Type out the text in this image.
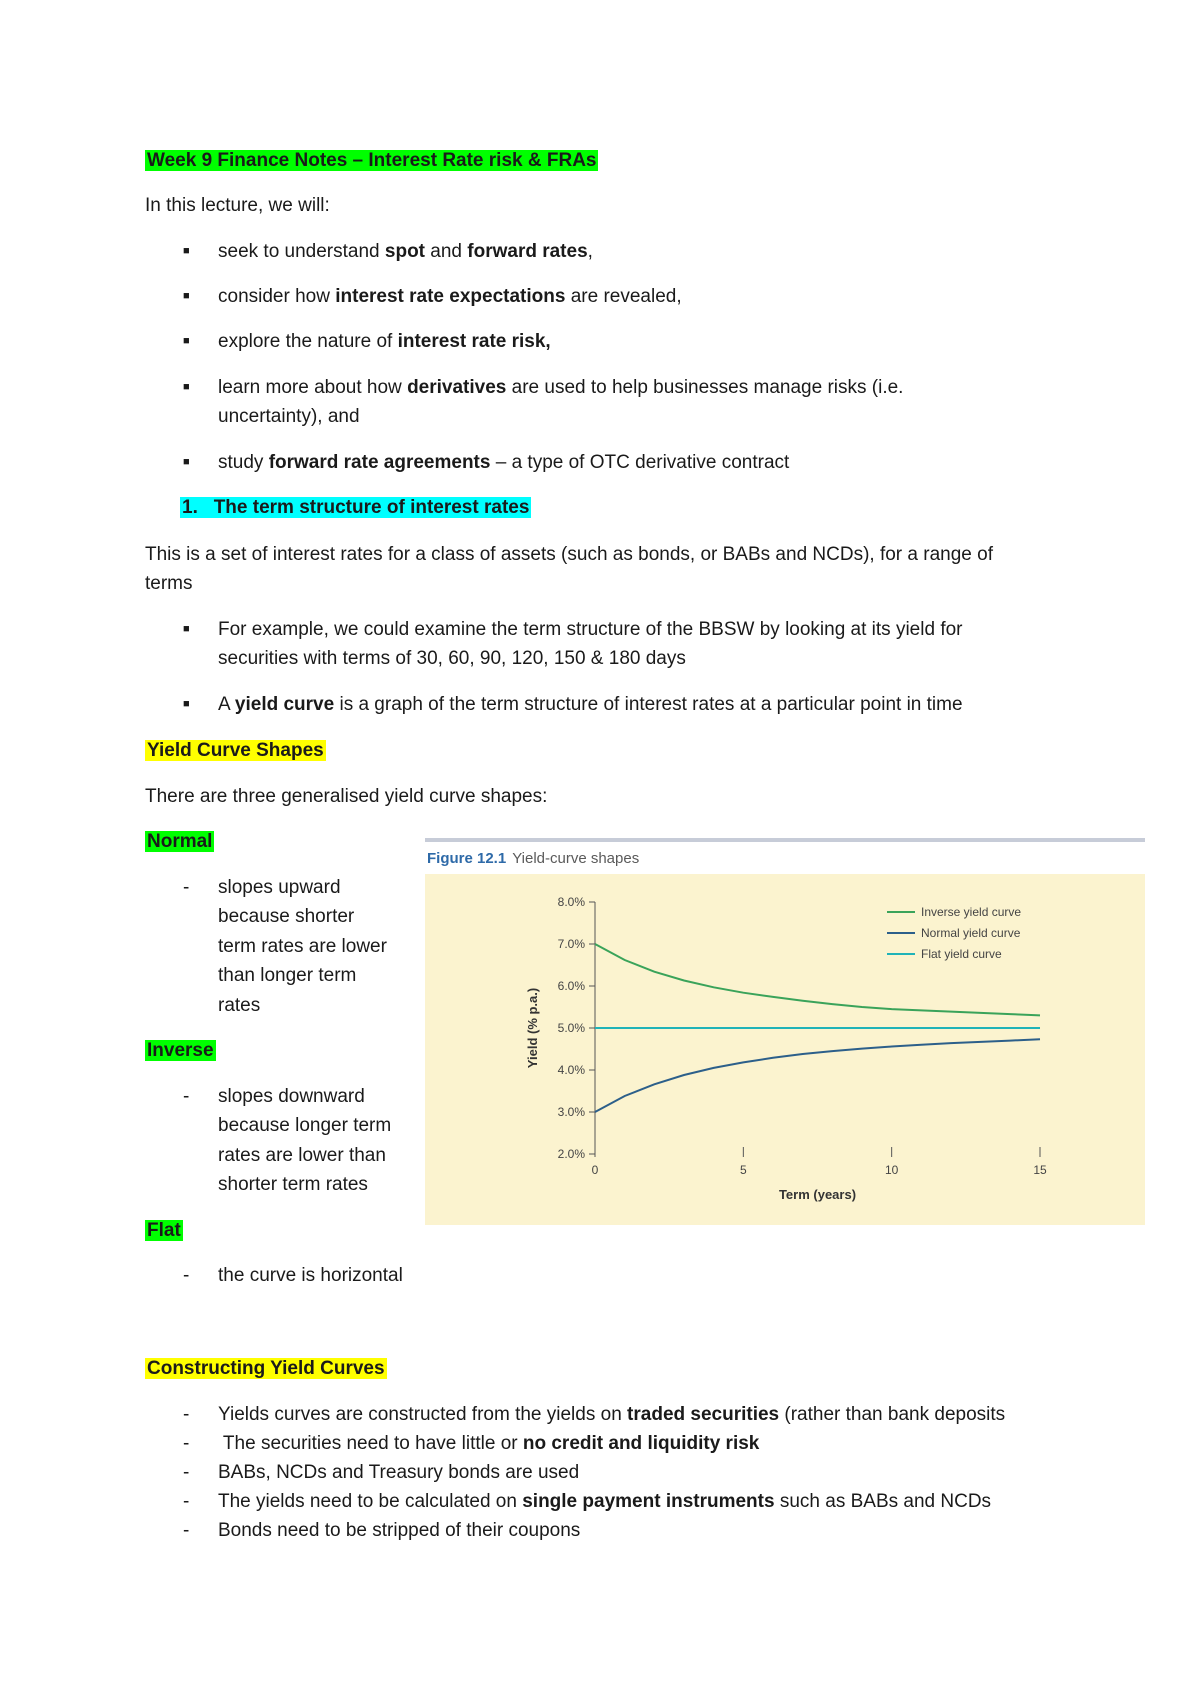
Week 9 Finance Notes – Interest Rate risk & FRAs
In this lecture, we will:
■ seek to understand spot and forward rates,
■ consider how interest rate expectations are revealed,
■ explore the nature of interest rate risk,
■ learn more about how derivatives are used to help businesses manage risks (i.e.
uncertainty), and
■ study forward rate agreements – a type of OTC derivative contract
1. The term structure of interest rates
This is a set of interest rates for a class of assets (such as bonds, or BABs and NCDs), for a range of
terms
■ For example, we could examine the term structure of the BBSW by looking at its yield for
securities with terms of 30, 60, 90, 120, 150 & 180 days
■ A yield curve is a graph of the term structure of interest rates at a particular point in time
Yield Curve Shapes
There are three generalised yield curve shapes:
Normal
- slopes upward
because shorter
term rates are lower
than longer term
rates
Inverse
- slopes downward
because longer term
rates are lower than
shorter term rates
Flat
- the curve is horizontal
Figure 12.1 Yield-curve shapes
2.0%
3.0%
4.0%
5.0%
6.0%
7.0%
8.0%
0	5	10	15
Term (years)
Yield (% p.a.)
Inverse yield curve
Normal yield curve
Flat yield curve
Constructing Yield Curves
- Yields curves are constructed from the yields on traded securities (rather than bank deposits
- The securities need to have little or no credit and liquidity risk
- BABs, NCDs and Treasury bonds are used
- The yields need to be calculated on single payment instruments such as BABs and NCDs
- Bonds need to be stripped of their coupons
